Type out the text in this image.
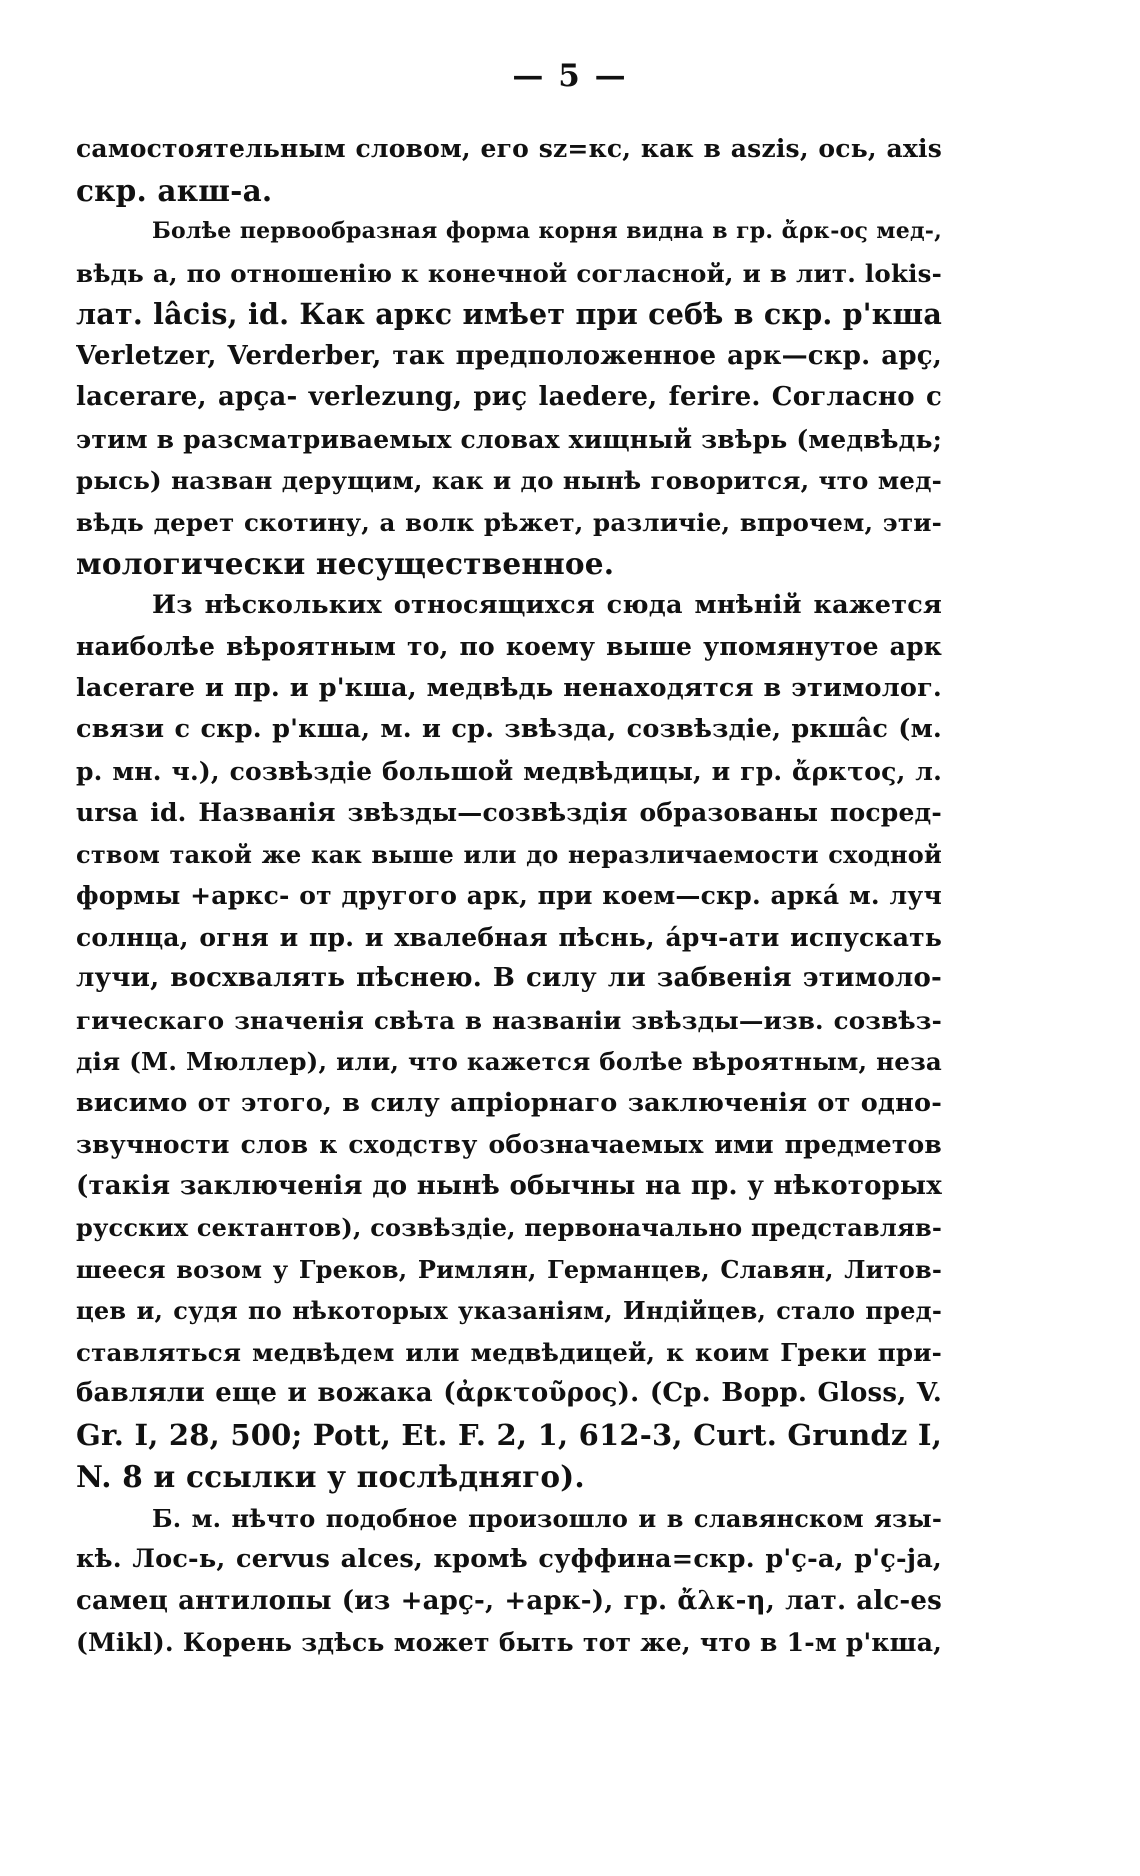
— 5 —
самостоятельным словом, его sz=кс, как в aszis, ось, axis
скр. акш-а.
Болѣе первообразная форма корня видна в гр. ἄρκ-ος мед-,
вѣдь а, по отношенію к конечной согласной, и в лит. lokis-
лат. lâcis, id. Как аркс имѣет при себѣ в скр. р'кша
Verletzer, Verderber, так предположенное арк—скр. арç,
lacerare, арçа- verlezung, риç laedere, ferire. Согласно с
этим в разсматриваемых словах хищный звѣрь (медвѣдь;
рысь) назван дерущим, как и до нынѣ говорится, что мед-
вѣдь дерет скотину, а волк рѣжет, различіе, впрочем, эти-
мологически несущественное.
Из нѣскольких относящихся сюда мнѣній кажется
наиболѣе вѣроятным то, по коему выше упомянутое арк
lacerare и пр. и р'кша, медвѣдь ненаходятся в этимолог.
связи с скр. р'кша, м. и ср. звѣзда, созвѣздіе, ркшâс (м.
р. мн. ч.), созвѣздіе большой медвѣдицы, и гр. ἄρκτος, л.
ursa id. Названія звѣзды—созвѣздія образованы посред-
ством такой же как выше или до неразличаемости сходной
формы +аркс- от другого арк, при коем—скр. арка́ м. луч
солнца, огня и пр. и хвалебная пѣснь, а́рч-ати испускать
лучи, восхвалять пѣснею. В силу ли забвенія этимоло-
гическаго значенія свѣта в названіи звѣзды—изв. созвѣз-
дія (М. Мюллер), или, что кажется болѣе вѣроятным, неза
висимо от этого, в силу апріорнаго заключенія от одно-
звучности слов к сходству обозначаемых ими предметов
(такія заключенія до нынѣ обычны на пр. у нѣкоторых
русских сектантов), созвѣздіе, первоначально представляв-
шееся возом у Греков, Римлян, Германцев, Славян, Литов-
цев и, судя по нѣкоторых указаніям, Индійцев, стало пред-
ставляться медвѣдем или медвѣдицей, к коим Греки при-
бавляли еще и вожака (ἀρκτοῦρος). (Ср. Bopp. Gloss, V.
Gr. I, 28, 500; Pott, Et. F. 2, 1, 612-3, Curt. Grundz I,
N. 8 и ссылки у послѣдняго).
Б. м. нѣчто подобное произошло и в славянском язы-
кѣ. Лос-ь, cervus alces, кромѣ суффина=скр. р'ç-а, р'ç-ја,
самец антилопы (из +арç-, +арк-), гр. ἄλκ-η, лат. alc-es
(Mikl). Корень здѣсь может быть тот же, что в 1-м р'кша,
